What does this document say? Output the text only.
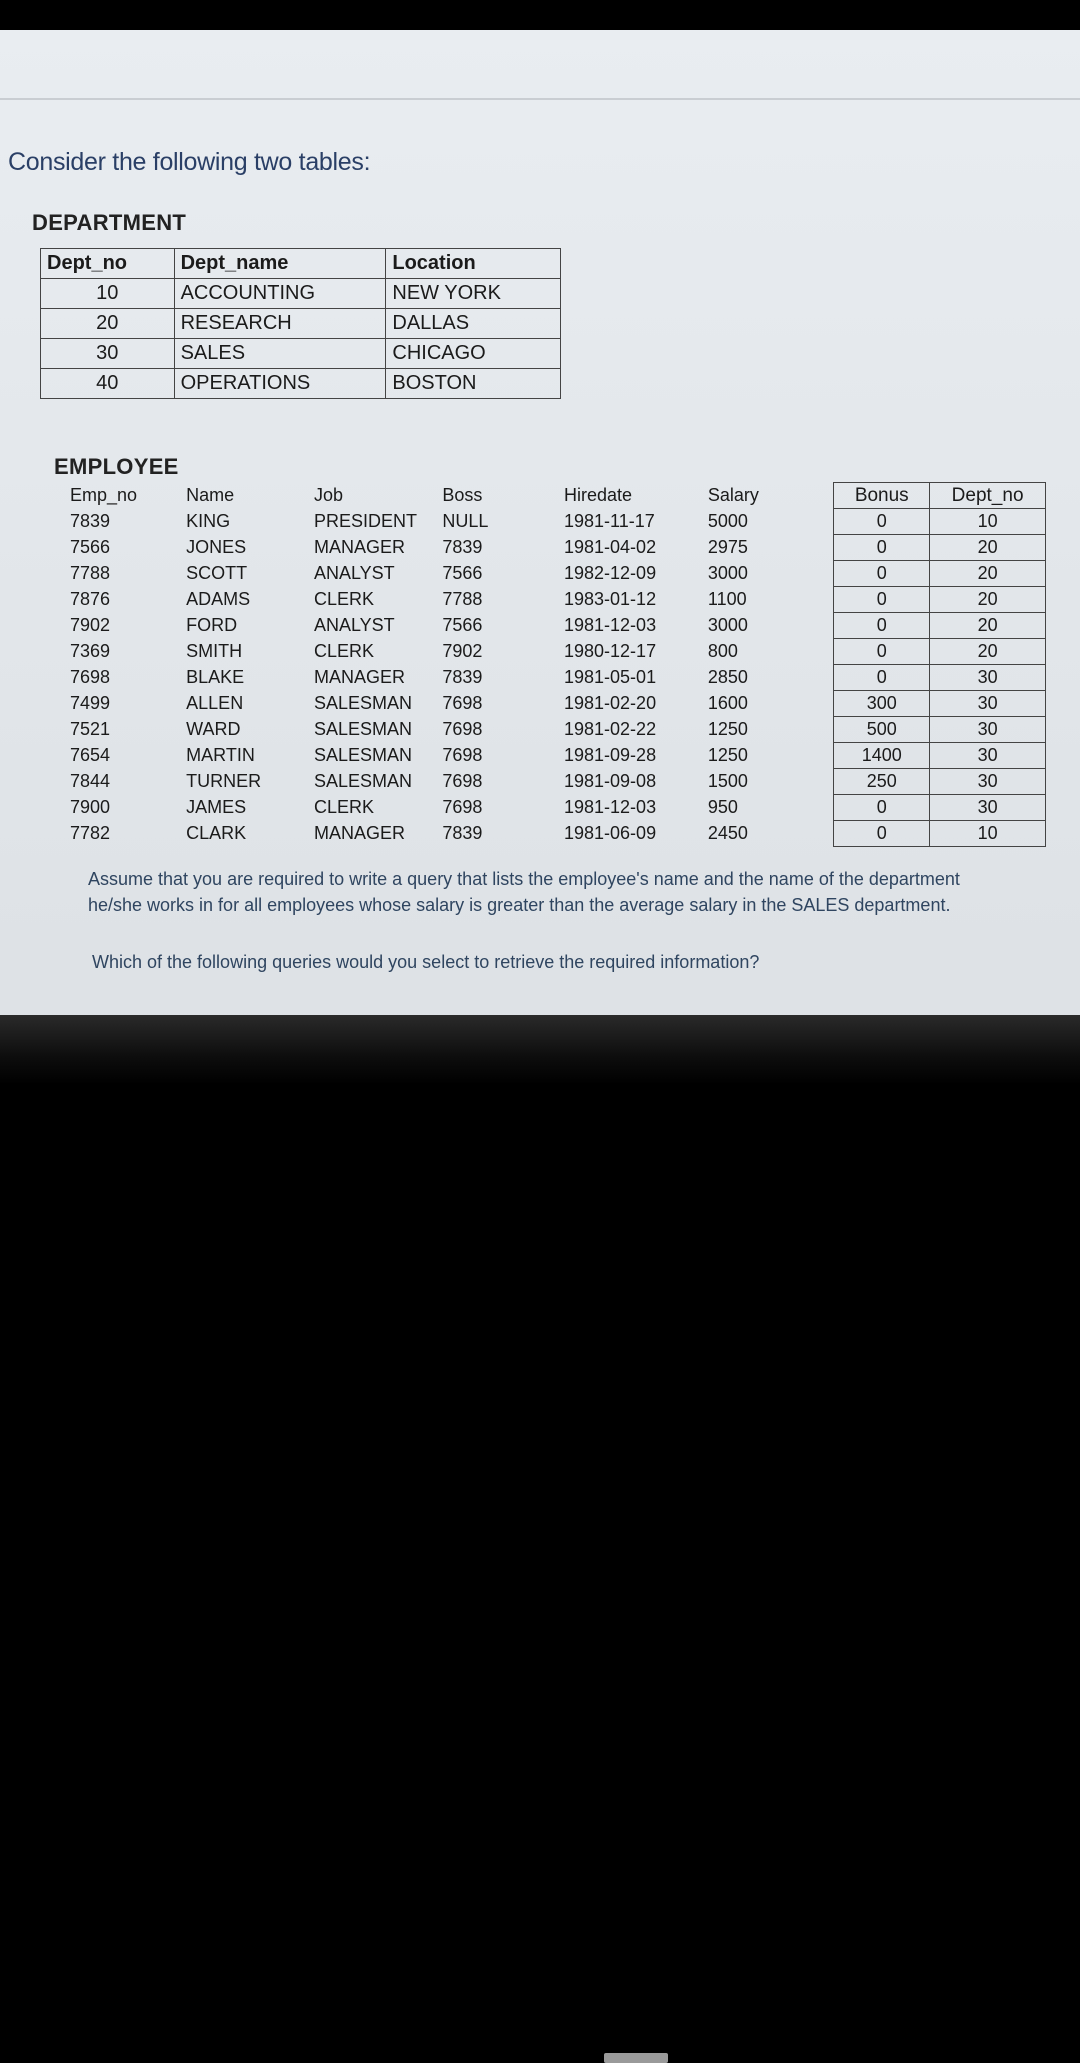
Consider the following two tables:
DEPARTMENT
Dept_no	Dept_name	Location
10	ACCOUNTING	NEW YORK
20	RESEARCH	DALLAS
30	SALES	CHICAGO
40	OPERATIONS	BOSTON
EMPLOYEE
Emp_no	Name	Job	Boss	Hiredate	Salary	Bonus	Dept_no
7839	KING	PRESIDENT	NULL	1981-11-17	5000	0	10
7566	JONES	MANAGER	7839	1981-04-02	2975	0	20
7788	SCOTT	ANALYST	7566	1982-12-09	3000	0	20
7876	ADAMS	CLERK	7788	1983-01-12	1100	0	20
7902	FORD	ANALYST	7566	1981-12-03	3000	0	20
7369	SMITH	CLERK	7902	1980-12-17	800	0	20
7698	BLAKE	MANAGER	7839	1981-05-01	2850	0	30
7499	ALLEN	SALESMAN	7698	1981-02-20	1600	300	30
7521	WARD	SALESMAN	7698	1981-02-22	1250	500	30
7654	MARTIN	SALESMAN	7698	1981-09-28	1250	1400	30
7844	TURNER	SALESMAN	7698	1981-09-08	1500	250	30
7900	JAMES	CLERK	7698	1981-12-03	950	0	30
7782	CLARK	MANAGER	7839	1981-06-09	2450	0	10
Assume that you are required to write a query that lists the employee's name and the name of the department he/she works in for all employees whose salary is greater than the average salary in the SALES department.
Which of the following queries would you select to retrieve the required information?
